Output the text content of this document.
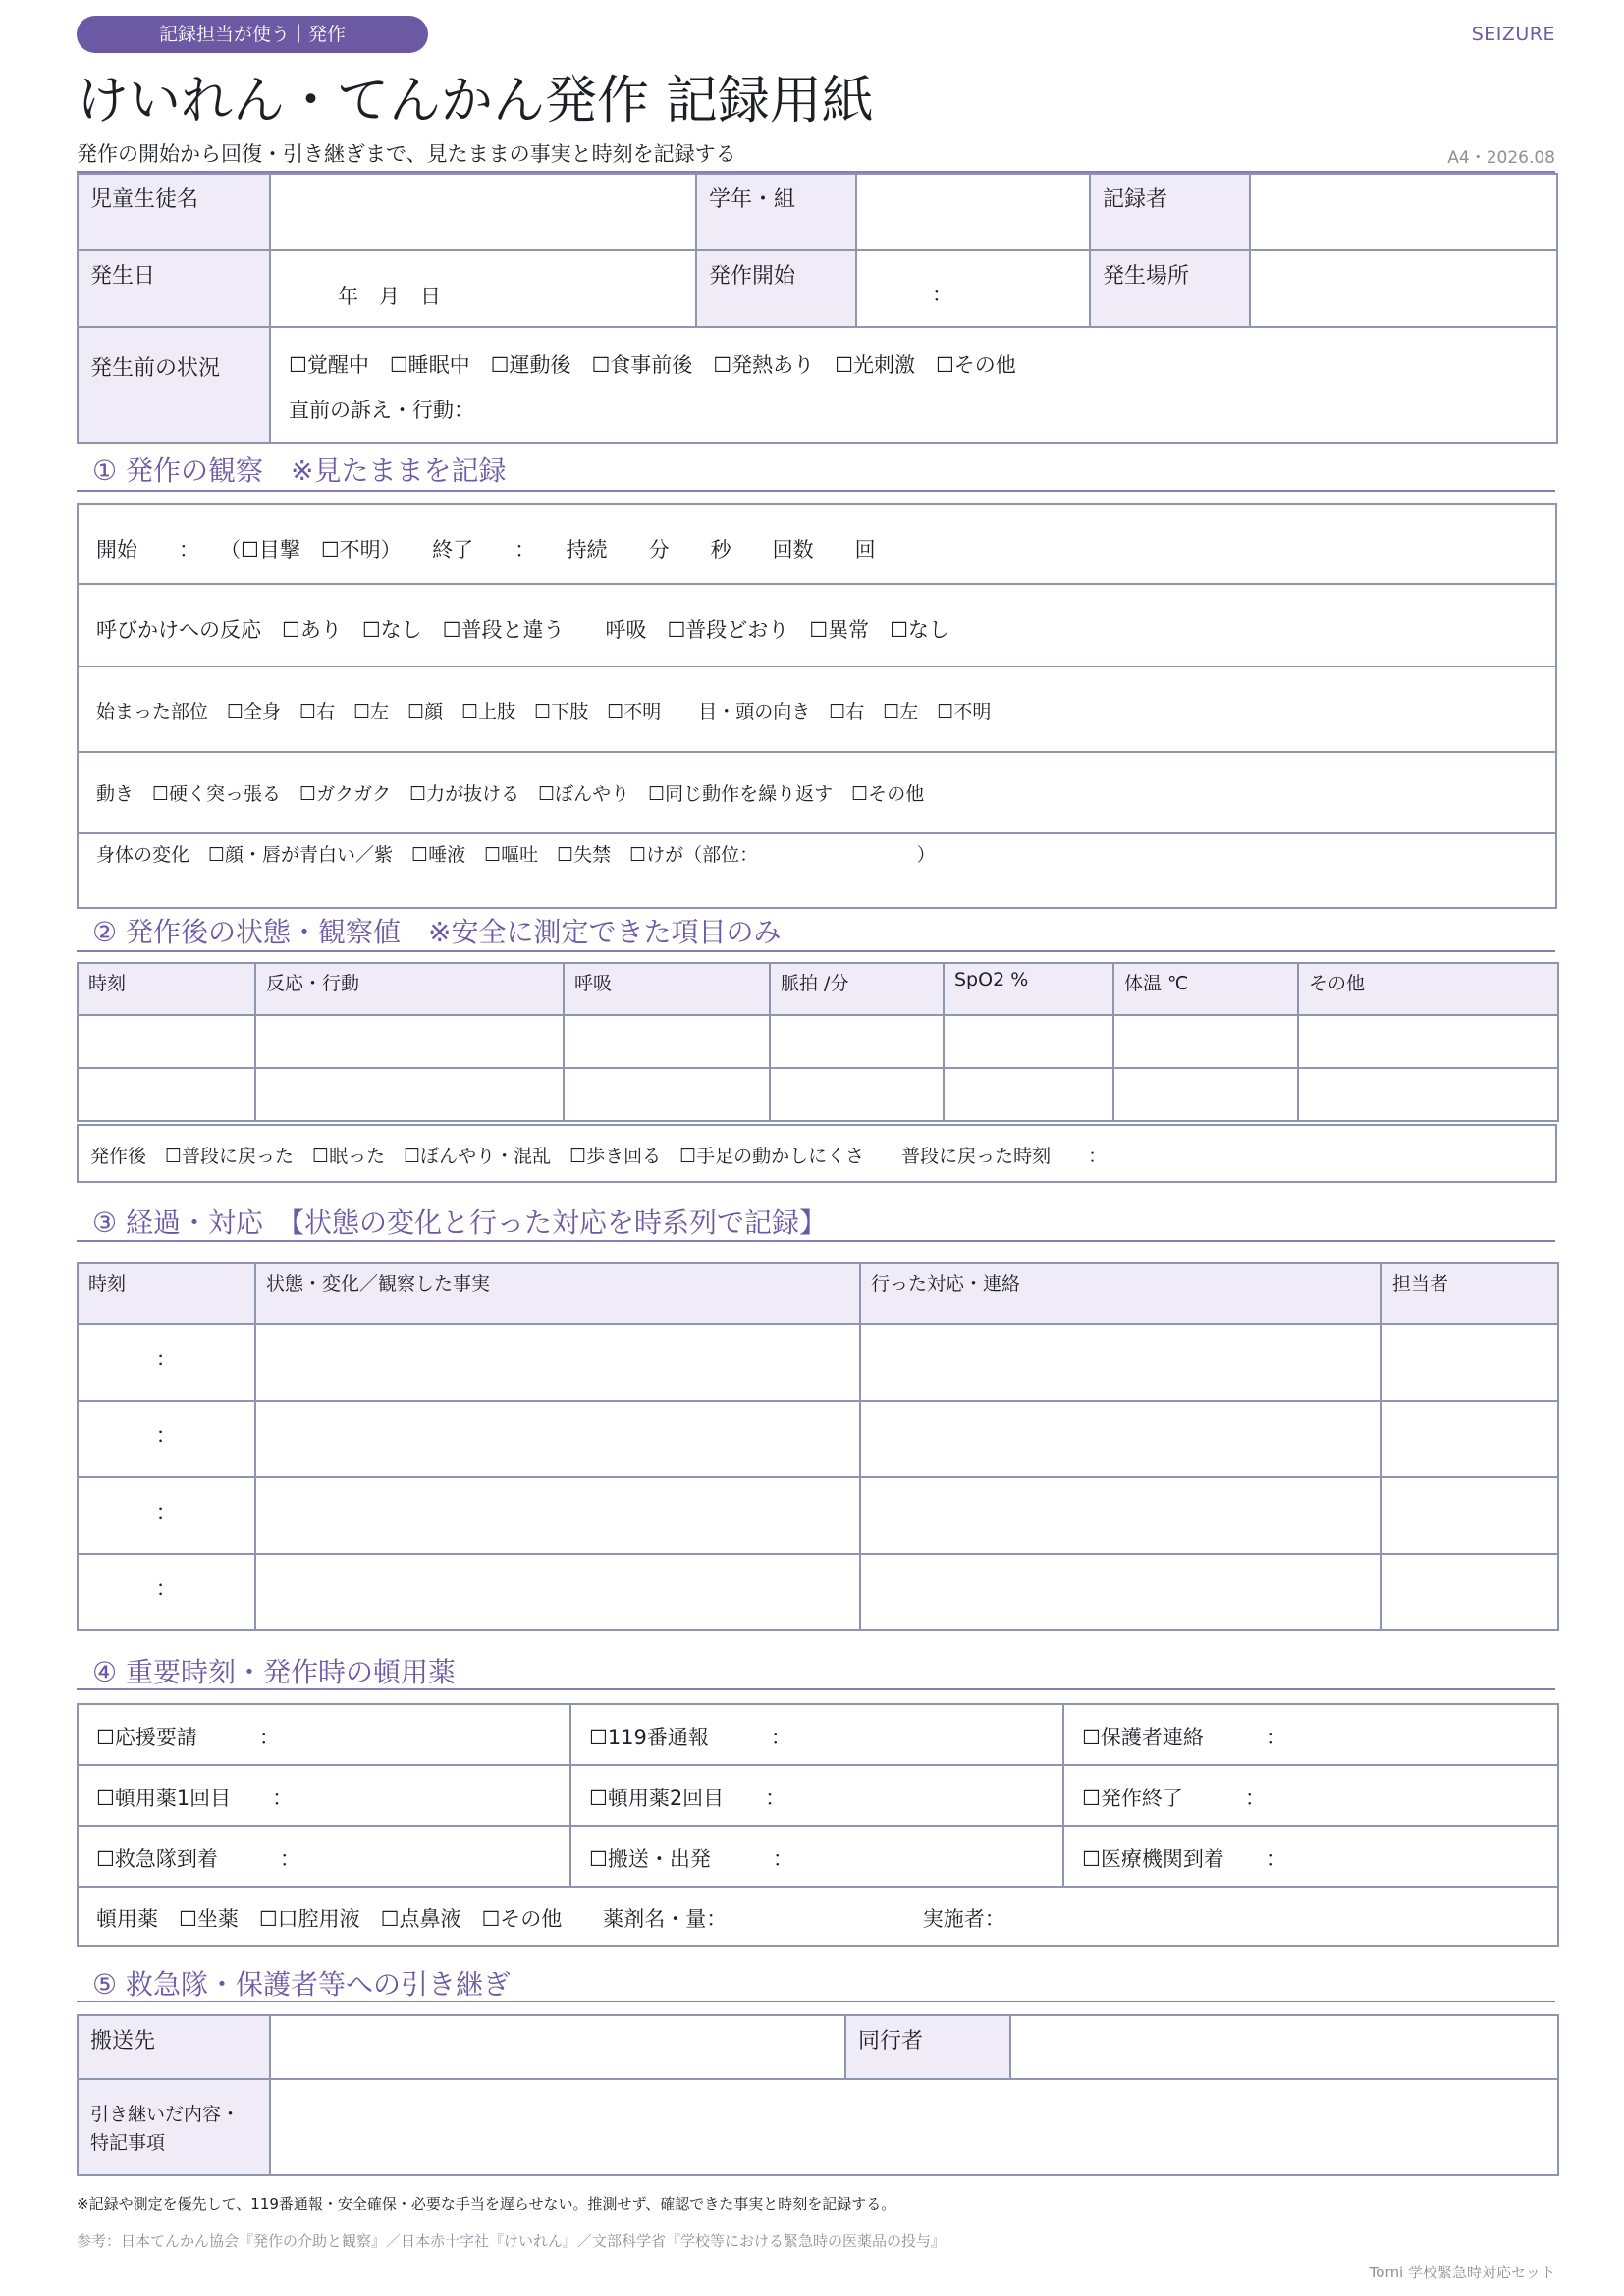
記録担当が使う｜発作	SEIZURE
けいれん・てんかん発作 記録用紙
発作の開始から回復・引き継ぎまで、見たままの事実と時刻を記録する	A4・2026.08
児童生徒名		学年・組		記録者	

発生日	年　月　日	発作開始	：	発生場所	

発生前の状況	☐覚醒中　☐睡眠中　☐運動後　☐食事前後　☐発熱あり　☐光刺激　☐その他
直前の訴え・行動：				
① 発作の観察　※見たままを記録
開始　　：　　（☐目撃　☐不明）　　終了　　：　　持続　　分　　秒　　回数　　回
呼びかけへの反応　☐あり　☐なし　☐普段と違う　　呼吸　☐普段どおり　☐異常　☐なし
始まった部位　☐全身　☐右　☐左　☐顔　☐上肢　☐下肢　☐不明　　目・頭の向き　☐右　☐左　☐不明
動き　☐硬く突っ張る　☐ガクガク　☐力が抜ける　☐ぼんやり　☐同じ動作を繰り返す　☐その他
身体の変化　☐顔・唇が青白い／紫　☐唾液　☐嘔吐　☐失禁　☐けが（部位：　　　　　　　　　）
② 発作後の状態・観察値　※安全に測定できた項目のみ
時刻	反応・行動	呼吸	脈拍 /分	SpO2 %	体温 ℃	その他

発作後　☐普段に戻った　☐眠った　☐ぼんやり・混乱　☐歩き回る　☐手足の動かしにくさ　　普段に戻った時刻　　：
③ 経過・対応　【状態の変化と行った対応を時系列で記録】
時刻	状態・変化／観察した事実	行った対応・連絡	担当者

：			

：			

：			

：			

④ 重要時刻・発作時の頓用薬
☐応援要請　　　：	☐119番通報　　　：	☐保護者連絡　　　：

☐頓用薬1回目　　：	☐頓用薬2回目　　：	☐発作終了　　　：

☐救急隊到着　　　：	☐搬送・出発　　　：	☐医療機関到着　　：

頓用薬　☐坐薬　☐口腔用液　☐点鼻液　☐その他　　薬剤名・量：　　　　　　　　　　実施者：		
⑤ 救急隊・保護者等への引き継ぎ
搬送先		同行者	

引き継いだ内容・
特記事項			

※記録や測定を優先して、119番通報・安全確保・必要な手当を遅らせない。推測せず、確認できた事実と時刻を記録する。
参考：日本てんかん協会『発作の介助と観察』／日本赤十字社『けいれん』／文部科学省『学校等における緊急時の医薬品の投与』
Tomi 学校緊急時対応セット
